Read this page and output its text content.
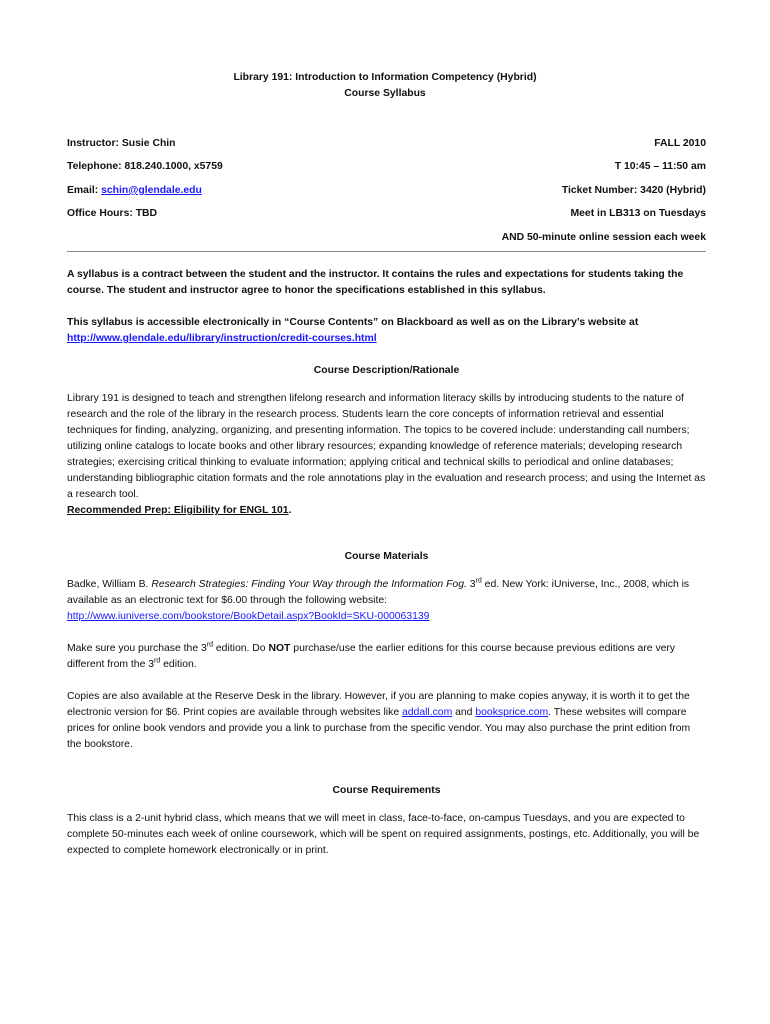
Library 191: Introduction to Information Competency (Hybrid)
Course Syllabus
Instructor: Susie Chin	FALL 2010
Telephone: 818.240.1000, x5759	T 10:45 – 11:50 am
Email: schin@glendale.edu	Ticket Number: 3420 (Hybrid)
Office Hours: TBD	Meet in LB313 on Tuesdays
AND 50-minute online session each week

A syllabus is a contract between the student and the instructor. It contains the rules and expectations for students taking the course. The student and instructor agree to honor the specifications established in this syllabus.

This syllabus is accessible electronically in “Course Contents” on Blackboard as well as on the Library’s website at http://www.glendale.edu/library/instruction/credit-courses.html

Course Description/Rationale

Library 191 is designed to teach and strengthen lifelong research and information literacy skills by introducing students to the nature of research and the role of the library in the research process. Students learn the core concepts of information retrieval and essential techniques for finding, analyzing, organizing, and presenting information. The topics to be covered include: understanding call numbers; utilizing online catalogs to locate books and other library resources; expanding knowledge of reference materials; developing research strategies; exercising critical thinking to evaluate information; applying critical and technical skills to periodical and online databases; understanding bibliographic citation formats and the role annotations play in the evaluation and research process; and using the Internet as a research tool.

Recommended Prep: Eligibility for ENGL 101.

Course Materials

Badke, William B. Research Strategies: Finding Your Way through the Information Fog. 3rd ed. New York: iUniverse, Inc., 2008, which is available as an electronic text for $6.00 through the following website:
http://www.iuniverse.com/bookstore/BookDetail.aspx?BookId=SKU-000063139

Make sure you purchase the 3rd edition. Do NOT purchase/use the earlier editions for this course because previous editions are very different from the 3rd edition.

Copies are also available at the Reserve Desk in the library. However, if you are planning to make copies anyway, it is worth it to get the electronic version for $6. Print copies are available through websites like addall.com and booksprice.com. These websites will compare prices for online book vendors and provide you a link to purchase from the specific vendor. You may also purchase the print edition from the bookstore.

Course Requirements

This class is a 2-unit hybrid class, which means that we will meet in class, face-to-face, on-campus Tuesdays, and you are expected to complete 50-minutes each week of online coursework, which will be spent on required assignments, postings, etc. Additionally, you will be expected to complete homework electronically or in print.
